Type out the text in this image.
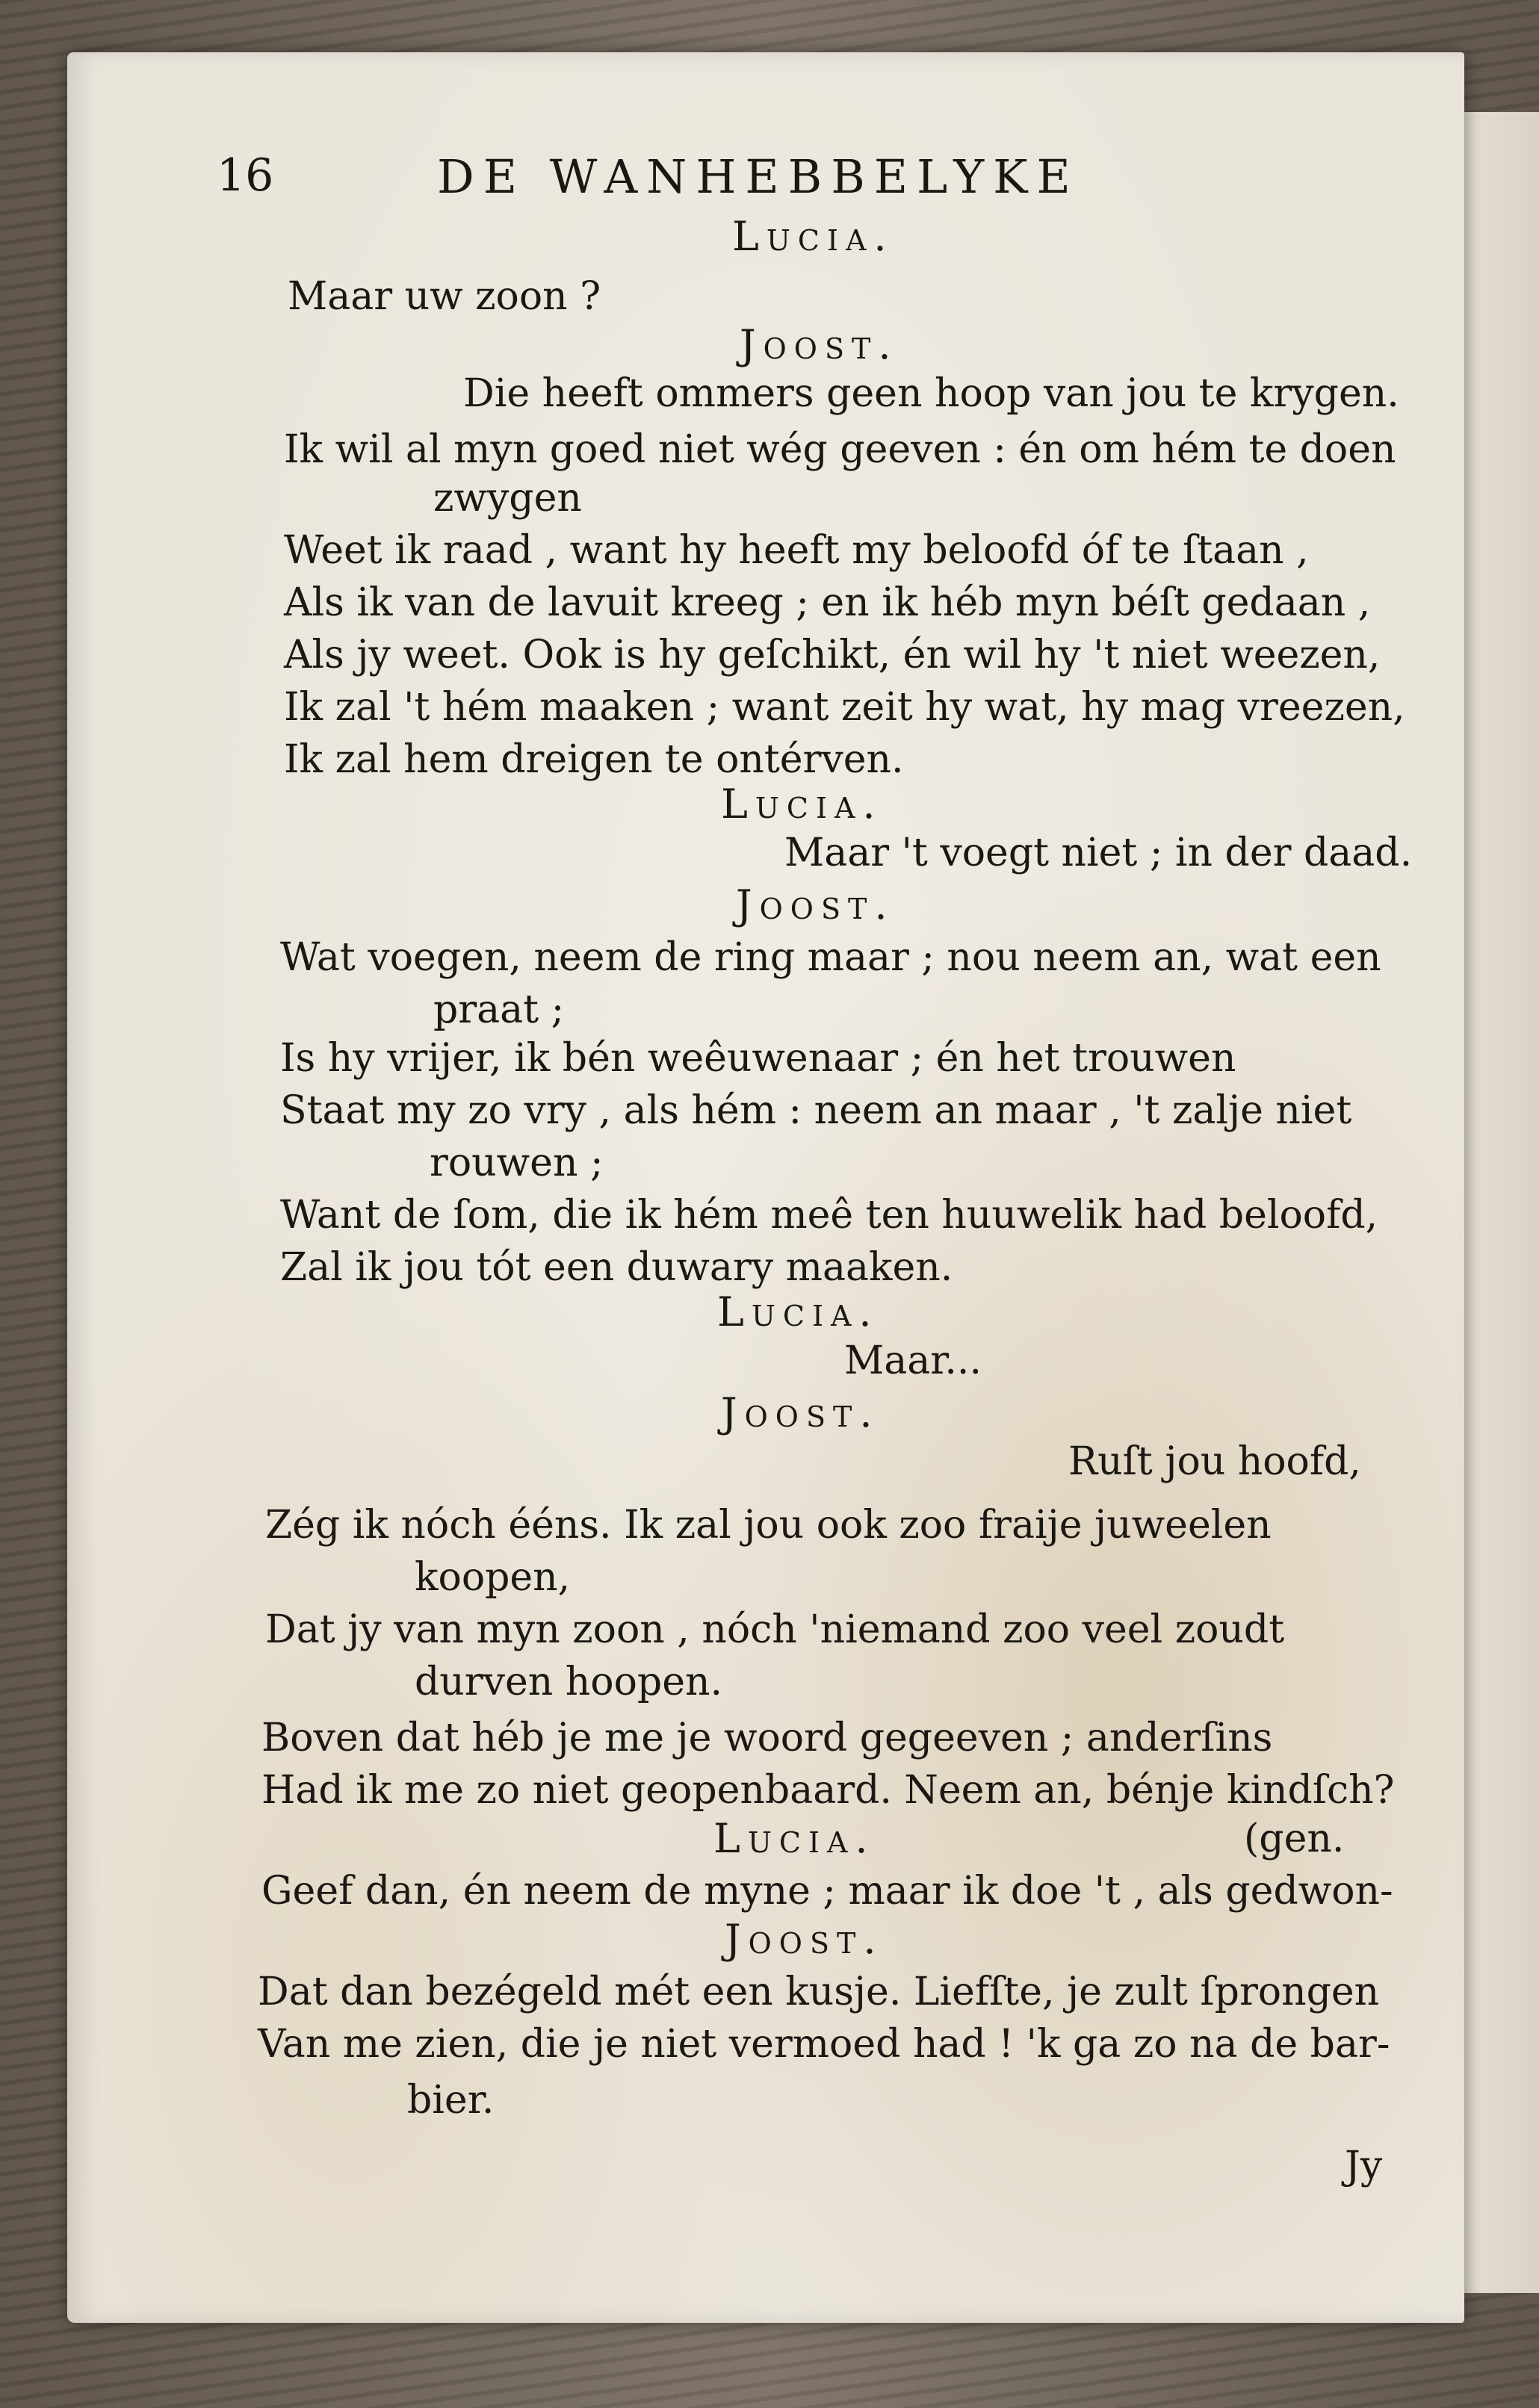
16	DE WANHEBBELYKE
Lucia.
Maar uw zoon ?
Joost.
Die heeft ommers geen hoop van jou te krygen.
Ik wil al myn goed niet wég geeven : én om hém te doen
zwygen
Weet ik raad , want hy heeft my beloofd óf te ſtaan ,
Als ik van de lavuit kreeg ; en ik héb myn béſt gedaan ,
Als jy weet. Ook is hy geſchikt, én wil hy 't niet weezen,
Ik zal 't hém maaken ; want zeit hy wat, hy mag vreezen,
Ik zal hem dreigen te ontérven.
Lucia.
Maar 't voegt niet ; in der daad.
Joost.
Wat voegen, neem de ring maar ; nou neem an, wat een
praat ;
Is hy vrijer, ik bén weêuwenaar ; én het trouwen
Staat my zo vry , als hém : neem an maar , 't zalje niet
rouwen ;
Want de ſom, die ik hém meê ten huuwelik had beloofd,
Zal ik jou tót een duwary maaken.
Lucia.
Maar...
Joost.
Ruſt jou hoofd,
Zég ik nóch ééns. Ik zal jou ook zoo fraije juweelen
koopen,
Dat jy van myn zoon , nóch 'niemand zoo veel zoudt
durven hoopen.
Boven dat héb je me je woord gegeeven ; anderſins
Had ik me zo niet geopenbaard. Neem an, bénje kindſch?
Lucia.	(gen.
Geef dan, én neem de myne ; maar ik doe 't , als gedwon-
Joost.
Dat dan bezégeld mét een kusje. Liefſte, je zult ſprongen
Van me zien, die je niet vermoed had ! 'k ga zo na de bar-
bier.
Jy
